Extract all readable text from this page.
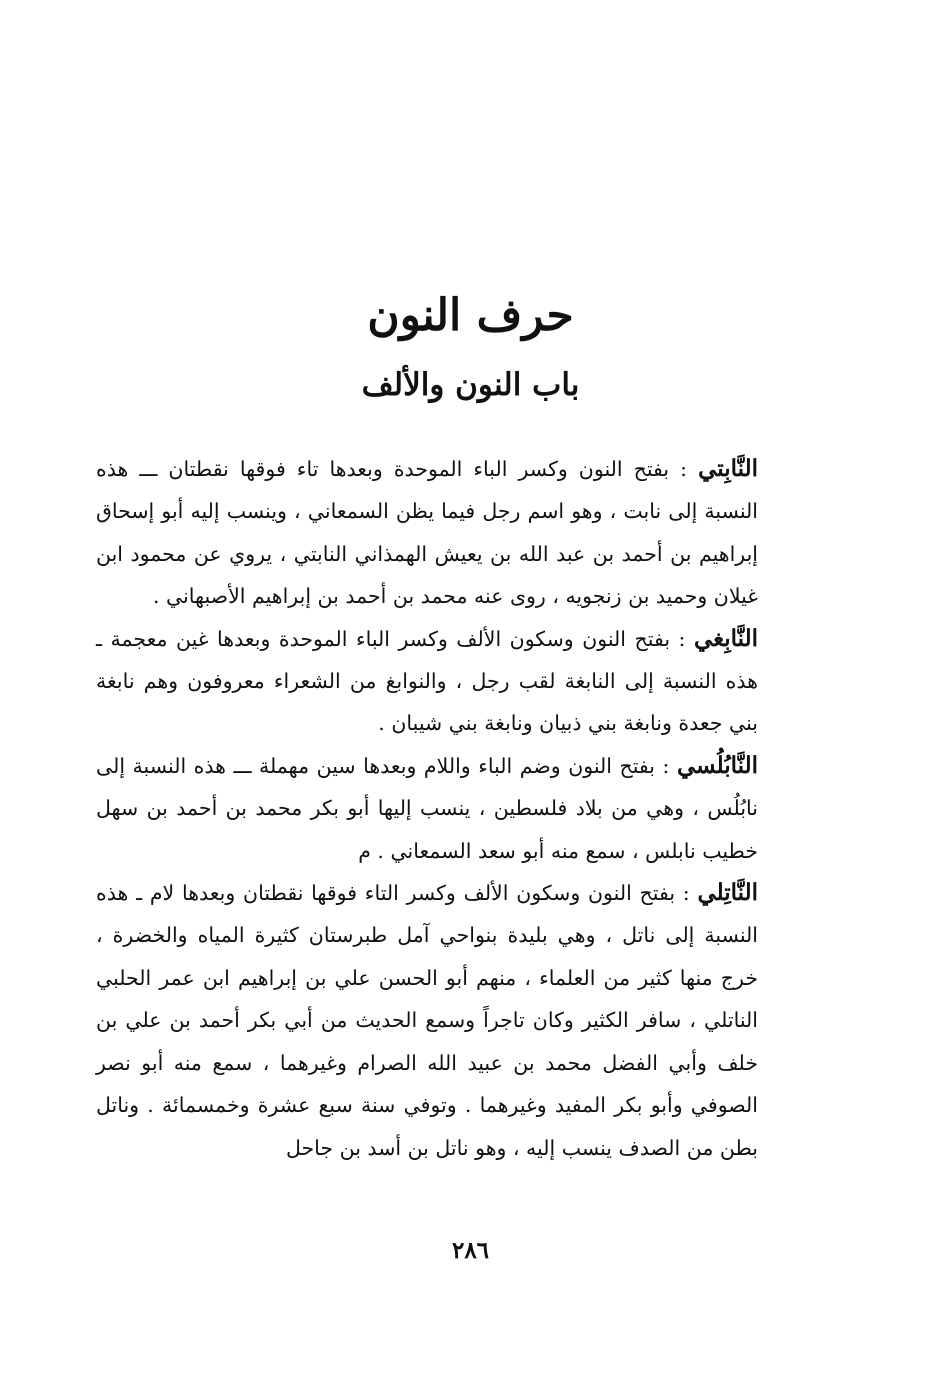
حرف النون
باب النون والألف

النَّابِتي : بفتح النون وكسر الباء الموحدة وبعدها تاء فوقها نقطتان ـــ هذه النسبة إلى نابت ، وهو اسم رجل فيما يظن السمعاني ، وينسب إليه أبو إسحاق إبراهيم بن أحمد بن عبد الله بن يعيش الهمذاني النابتي ، يروي عن محمود ابن غيلان وحميد بن زنجويه ، روى عنه محمد بن أحمد بن إبراهيم الأصبهاني .

النَّابِغي : بفتح النون وسكون الألف وكسر الباء الموحدة وبعدها غين معجمة ـ هذه النسبة إلى النابغة لقب رجل ، والنوابغ من الشعراء معروفون وهم نابغة بني جعدة ونابغة بني ذبيان ونابغة بني شيبان .

النَّابُلُسي : بفتح النون وضم الباء واللام وبعدها سين مهملة ـــ هذه النسبة إلى نابُلُس ، وهي من بلاد فلسطين ، ينسب إليها أبو بكر محمد بن أحمد بن سهل خطيب نابلس ، سمع منه أبو سعد السمعاني . م

النَّاتِلي : بفتح النون وسكون الألف وكسر التاء فوقها نقطتان وبعدها لام ـ هذه النسبة إلى ناتل ، وهي بليدة بنواحي آمل طبرستان كثيرة المياه والخضرة ، خرج منها كثير من العلماء ، منهم أبو الحسن علي بن إبراهيم ابن عمر الحلبي الناتلي ، سافر الكثير وكان تاجراً وسمع الحديث من أبي بكر أحمد بن علي بن خلف وأبي الفضل محمد بن عبيد الله الصرام وغيرهما ، سمع منه أبو نصر الصوفي وأبو بكر المفيد وغيرهما . وتوفي سنة سبع عشرة وخمسمائة . وناتل بطن من الصدف ينسب إليه ، وهو ناتل بن أسد بن جاحل

٢٨٦
